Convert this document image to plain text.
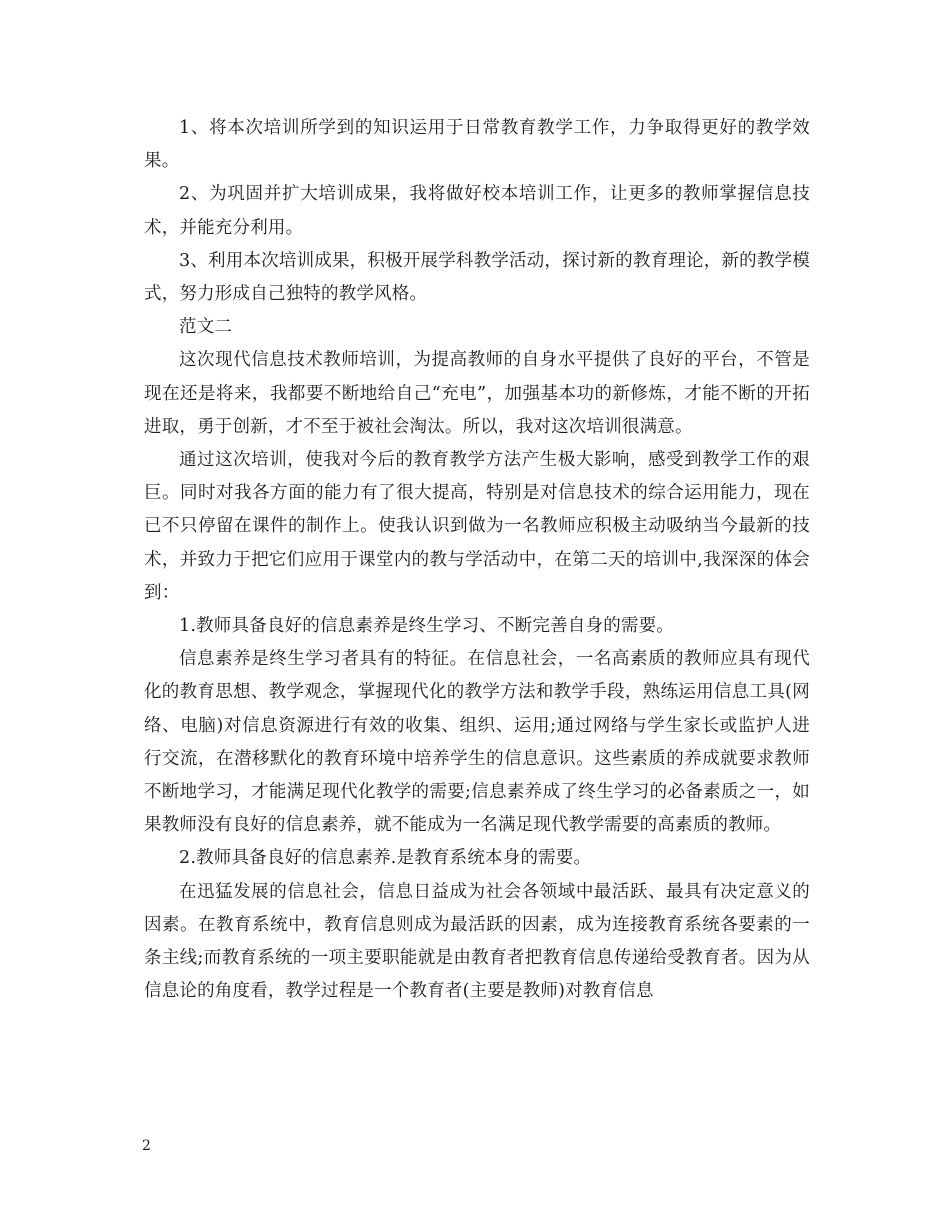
1、将本次培训所学到的知识运用于日常教育教学工作，力争取得更好的教学效果。

2、为巩固并扩大培训成果，我将做好校本培训工作，让更多的教师掌握信息技术，并能充分利用。

3、利用本次培训成果，积极开展学科教学活动，探讨新的教育理论，新的教学模式，努力形成自己独特的教学风格。

范文二

这次现代信息技术教师培训，为提高教师的自身水平提供了良好的平台，不管是现在还是将来，我都要不断地给自己“充电”，加强基本功的新修炼，才能不断的开拓进取，勇于创新，才不至于被社会淘汰。所以，我对这次培训很满意。

通过这次培训，使我对今后的教育教学方法产生极大影响，感受到教学工作的艰巨。同时对我各方面的能力有了很大提高，特别是对信息技术的综合运用能力，现在已不只停留在课件的制作上。使我认识到做为一名教师应积极主动吸纳当今最新的技术，并致力于把它们应用于课堂内的教与学活动中，在第二天的培训中,我深深的体会到：

1.教师具备良好的信息素养是终生学习、不断完善自身的需要。

信息素养是终生学习者具有的特征。在信息社会，一名高素质的教师应具有现代化的教育思想、教学观念，掌握现代化的教学方法和教学手段，熟练运用信息工具(网络、电脑)对信息资源进行有效的收集、组织、运用;通过网络与学生家长或监护人进行交流，在潜移默化的教育环境中培养学生的信息意识。这些素质的养成就要求教师不断地学习，才能满足现代化教学的需要;信息素养成了终生学习的必备素质之一，如果教师没有良好的信息素养，就不能成为一名满足现代教学需要的高素质的教师。

2.教师具备良好的信息素养.是教育系统本身的需要。

在迅猛发展的信息社会，信息日益成为社会各领域中最活跃、最具有决定意义的因素。在教育系统中，教育信息则成为最活跃的因素，成为连接教育系统各要素的一条主线;而教育系统的一项主要职能就是由教育者把教育信息传递给受教育者。因为从信息论的角度看，教学过程是一个教育者(主要是教师)对教育信息

2
